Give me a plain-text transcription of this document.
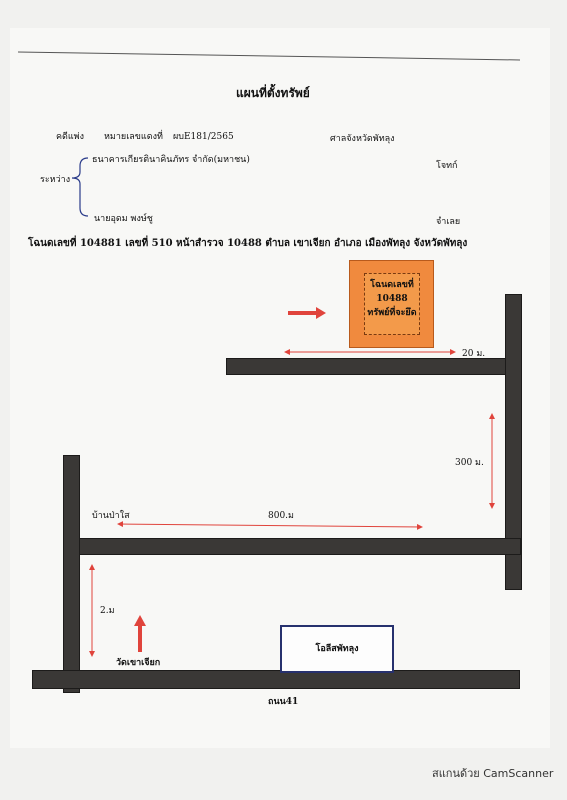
โฉนดเลขที่
10488
ทรัพย์ที่จะยึด
โอลีสพัทลุง
แผนที่ตั้งทรัพย์
คดีแพ่ง หมายเลขแดงที่ ผบE181/2565	ศาลจังหวัดพัทลุง
ระหว่าง
ธนาคารเกียรตินาคินภัทร จำกัด(มหาชน)
โจทก์
นายอุดม พงษ์ชู	จำเลย
โฉนดเลขที่ 104881 เลขที่ 510 หน้าสำรวจ 10488 ตำบล เขาเจียก อำเภอ เมืองพัทลุง จังหวัดพัทลุง
20 ม.
300 ม.
บ้านป่าใส	800.ม
2.ม
วัดเขาเจียก
ถนน41
สแกนด้วย CamScanner
